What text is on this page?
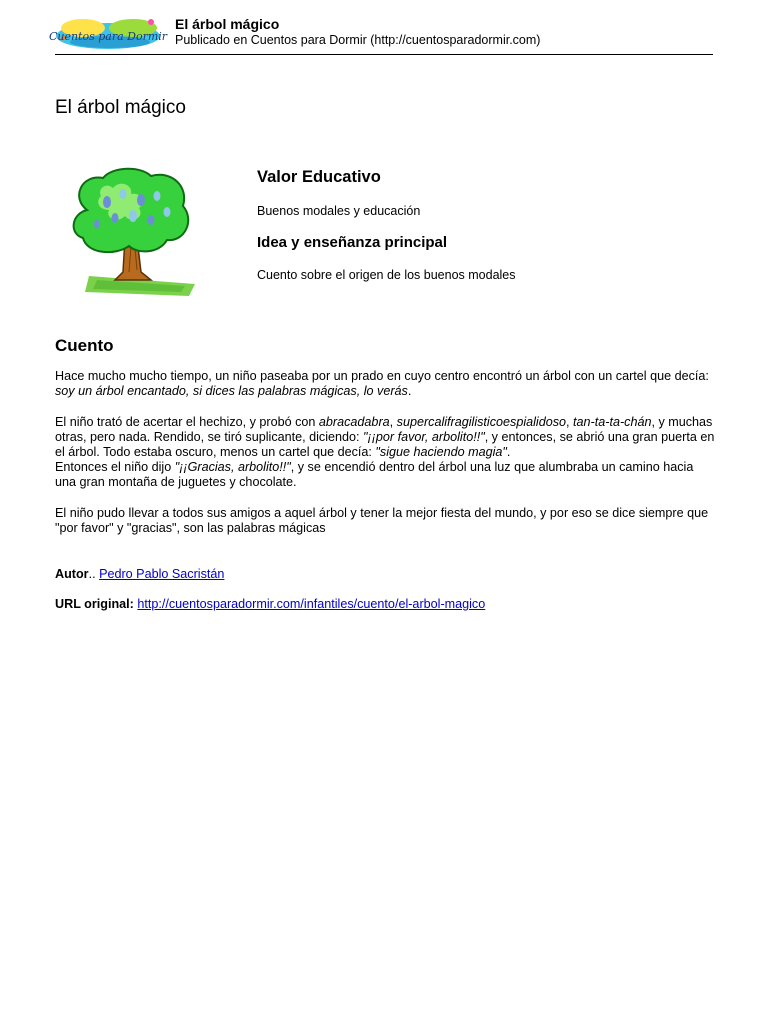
Cuentos para Dormir
El árbol mágico
Publicado en Cuentos para Dormir (http://cuentosparadormir.com)
El árbol mágico
Valor Educativo

Buenos modales y educación

Idea y enseñanza principal

Cuento sobre el origen de los buenos modales

Cuento

Hace mucho mucho tiempo, un niño paseaba por un prado en cuyo centro encontró un árbol con un cartel que decía: soy un árbol encantado, si dices las palabras mágicas, lo verás.

El niño trató de acertar el hechizo, y probó con abracadabra, supercalifragilisticoespialidoso, tan-ta-ta-chán, y muchas otras, pero nada. Rendido, se tiró suplicante, diciendo: "¡¡por favor, arbolito!!", y entonces, se abrió una gran puerta en el árbol. Todo estaba oscuro, menos un cartel que decía: "sigue haciendo magia".
Entonces el niño dijo "¡¡Gracias, arbolito!!", y se encendió dentro del árbol una luz que alumbraba un camino hacia una gran montaña de juguetes y chocolate.

El niño pudo llevar a todos sus amigos a aquel árbol y tener la mejor fiesta del mundo, y por eso se dice siempre que "por favor" y "gracias", son las palabras mágicas

Autor.. Pedro Pablo Sacristán
URL original: http://cuentosparadormir.com/infantiles/cuento/el-arbol-magico
